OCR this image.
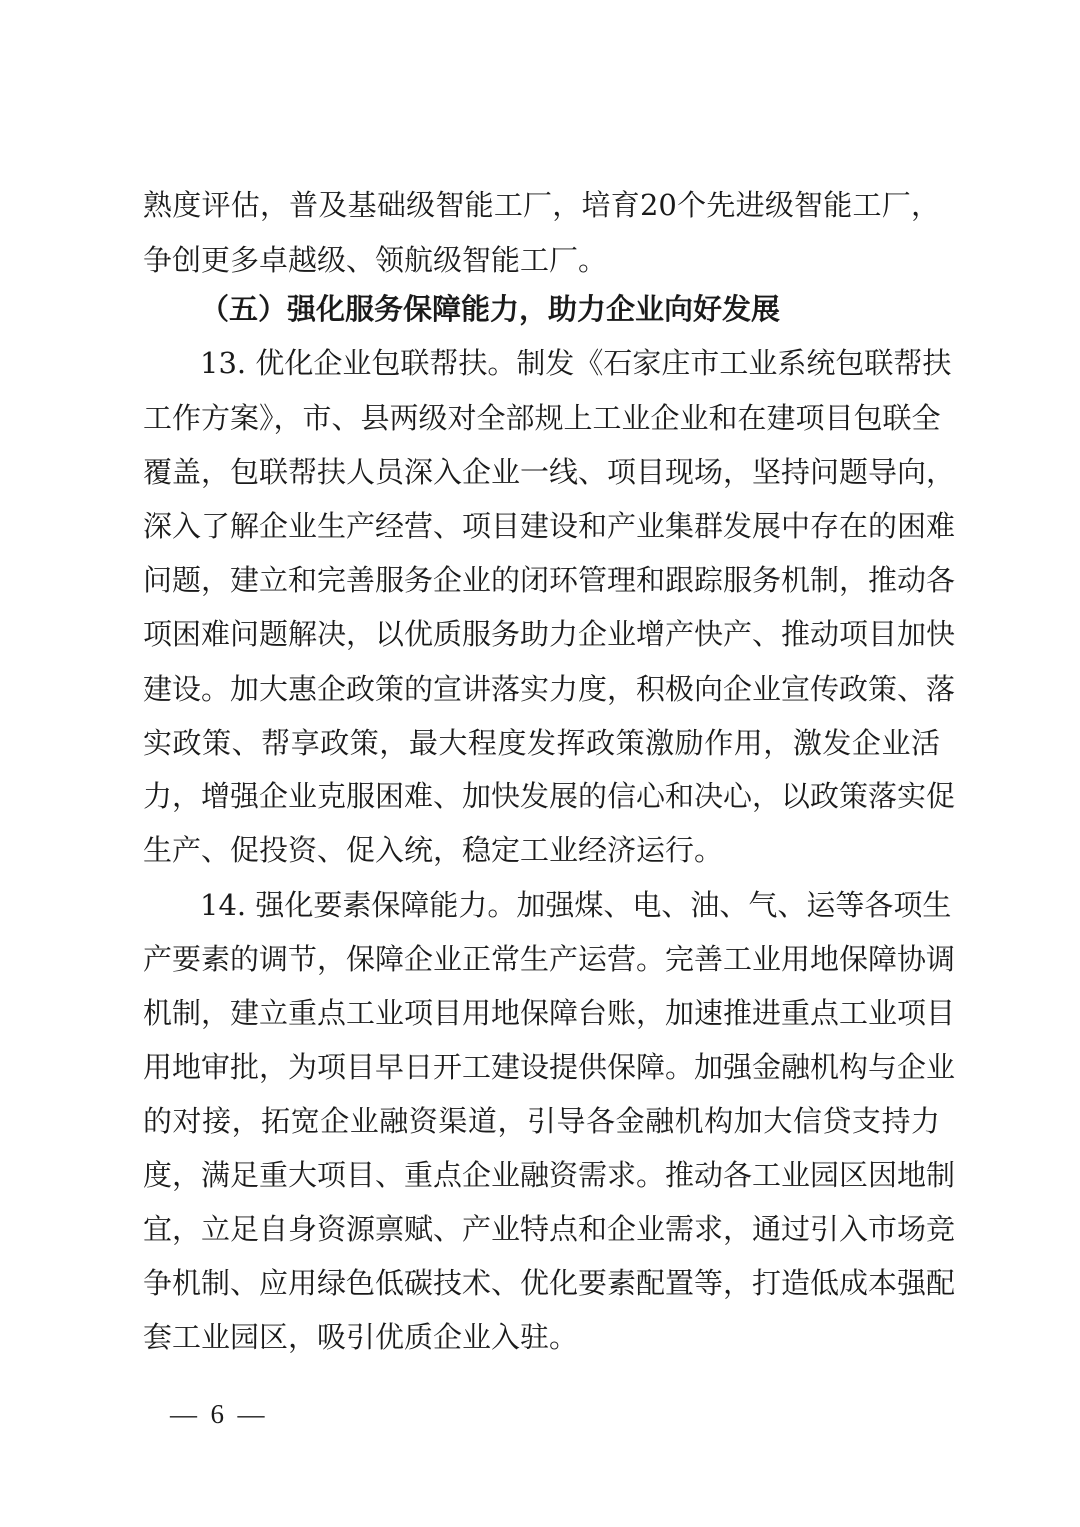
熟度评估，普及基础级智能工厂，培育20个先进级智能工厂，
争创更多卓越级、领航级智能工厂。
（五）强化服务保障能力，助力企业向好发展
13. 优化企业包联帮扶。制发《石家庄市工业系统包联帮扶
工作方案》，市、县两级对全部规上工业企业和在建项目包联全
覆盖，包联帮扶人员深入企业一线、项目现场，坚持问题导向，
深入了解企业生产经营、项目建设和产业集群发展中存在的困难
问题，建立和完善服务企业的闭环管理和跟踪服务机制，推动各
项困难问题解决，以优质服务助力企业增产快产、推动项目加快
建设。加大惠企政策的宣讲落实力度，积极向企业宣传政策、落
实政策、帮享政策，最大程度发挥政策激励作用，激发企业活
力，增强企业克服困难、加快发展的信心和决心，以政策落实促
生产、促投资、促入统，稳定工业经济运行。
14. 强化要素保障能力。加强煤、电、油、气、运等各项生
产要素的调节，保障企业正常生产运营。完善工业用地保障协调
机制，建立重点工业项目用地保障台账，加速推进重点工业项目
用地审批，为项目早日开工建设提供保障。加强金融机构与企业
的对接，拓宽企业融资渠道，引导各金融机构加大信贷支持力
度，满足重大项目、重点企业融资需求。推动各工业园区因地制
宜，立足自身资源禀赋、产业特点和企业需求，通过引入市场竞
争机制、应用绿色低碳技术、优化要素配置等，打造低成本强配
套工业园区，吸引优质企业入驻。
—  6  —
